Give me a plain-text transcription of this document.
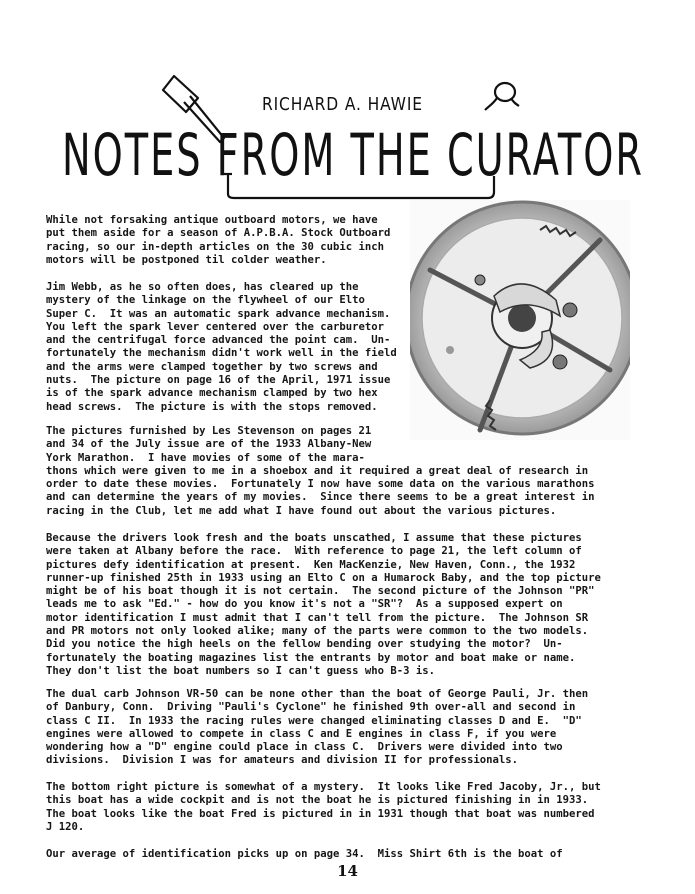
RICHARD A. HAWIE
NOTES FROM THE CURATOR
While not forsaking antique outboard motors, we have
put them aside for a season of A.P.B.A. Stock Outboard
racing, so our in-depth articles on the 30 cubic inch
motors will be postponed til colder weather.
Jim Webb, as he so often does, has cleared up the
mystery of the linkage on the flywheel of our Elto
Super C.  It was an automatic spark advance mechanism.
You left the spark lever centered over the carburetor
and the centrifugal force advanced the point cam.  Un-
fortunately the mechanism didn't work well in the field
and the arms were clamped together by two screws and
nuts.  The picture on page 16 of the April, 1971 issue
is of the spark advance mechanism clamped by two hex
head screws.  The picture is with the stops removed.
The pictures furnished by Les Stevenson on pages 21
and 34 of the July issue are of the 1933 Albany-New
York Marathon.  I have movies of some of the mara-
thons which were given to me in a shoebox and it required a great deal of research in
order to date these movies.  Fortunately I now have some data on the various marathons
and can determine the years of my movies.  Since there seems to be a great interest in
racing in the Club, let me add what I have found out about the various pictures.
Because the drivers look fresh and the boats unscathed, I assume that these pictures
were taken at Albany before the race.  With reference to page 21, the left column of
pictures defy identification at present.  Ken MacKenzie, New Haven, Conn., the 1932
runner-up finished 25th in 1933 using an Elto C on a Humarock Baby, and the top picture
might be of his boat though it is not certain.  The second picture of the Johnson "PR"
leads me to ask "Ed." - how do you know it's not a "SR"?  As a supposed expert on
motor identification I must admit that I can't tell from the picture.  The Johnson SR
and PR motors not only looked alike; many of the parts were common to the two models.
Did you notice the high heels on the fellow bending over studying the motor?  Un-
fortunately the boating magazines list the entrants by motor and boat make or name.
They don't list the boat numbers so I can't guess who B-3 is.
The dual carb Johnson VR-50 can be none other than the boat of George Pauli, Jr. then
of Danbury, Conn.  Driving "Pauli's Cyclone" he finished 9th over-all and second in
class C II.  In 1933 the racing rules were changed eliminating classes D and E.  "D"
engines were allowed to compete in class C and E engines in class F, if you were
wondering how a "D" engine could place in class C.  Drivers were divided into two
divisions.  Division I was for amateurs and division II for professionals.
The bottom right picture is somewhat of a mystery.  It looks like Fred Jacoby, Jr., but
this boat has a wide cockpit and is not the boat he is pictured finishing in in 1933.
The boat looks like the boat Fred is pictured in in 1931 though that boat was numbered
J 120.
Our average of identification picks up on page 34.  Miss Shirt 6th is the boat of
14
